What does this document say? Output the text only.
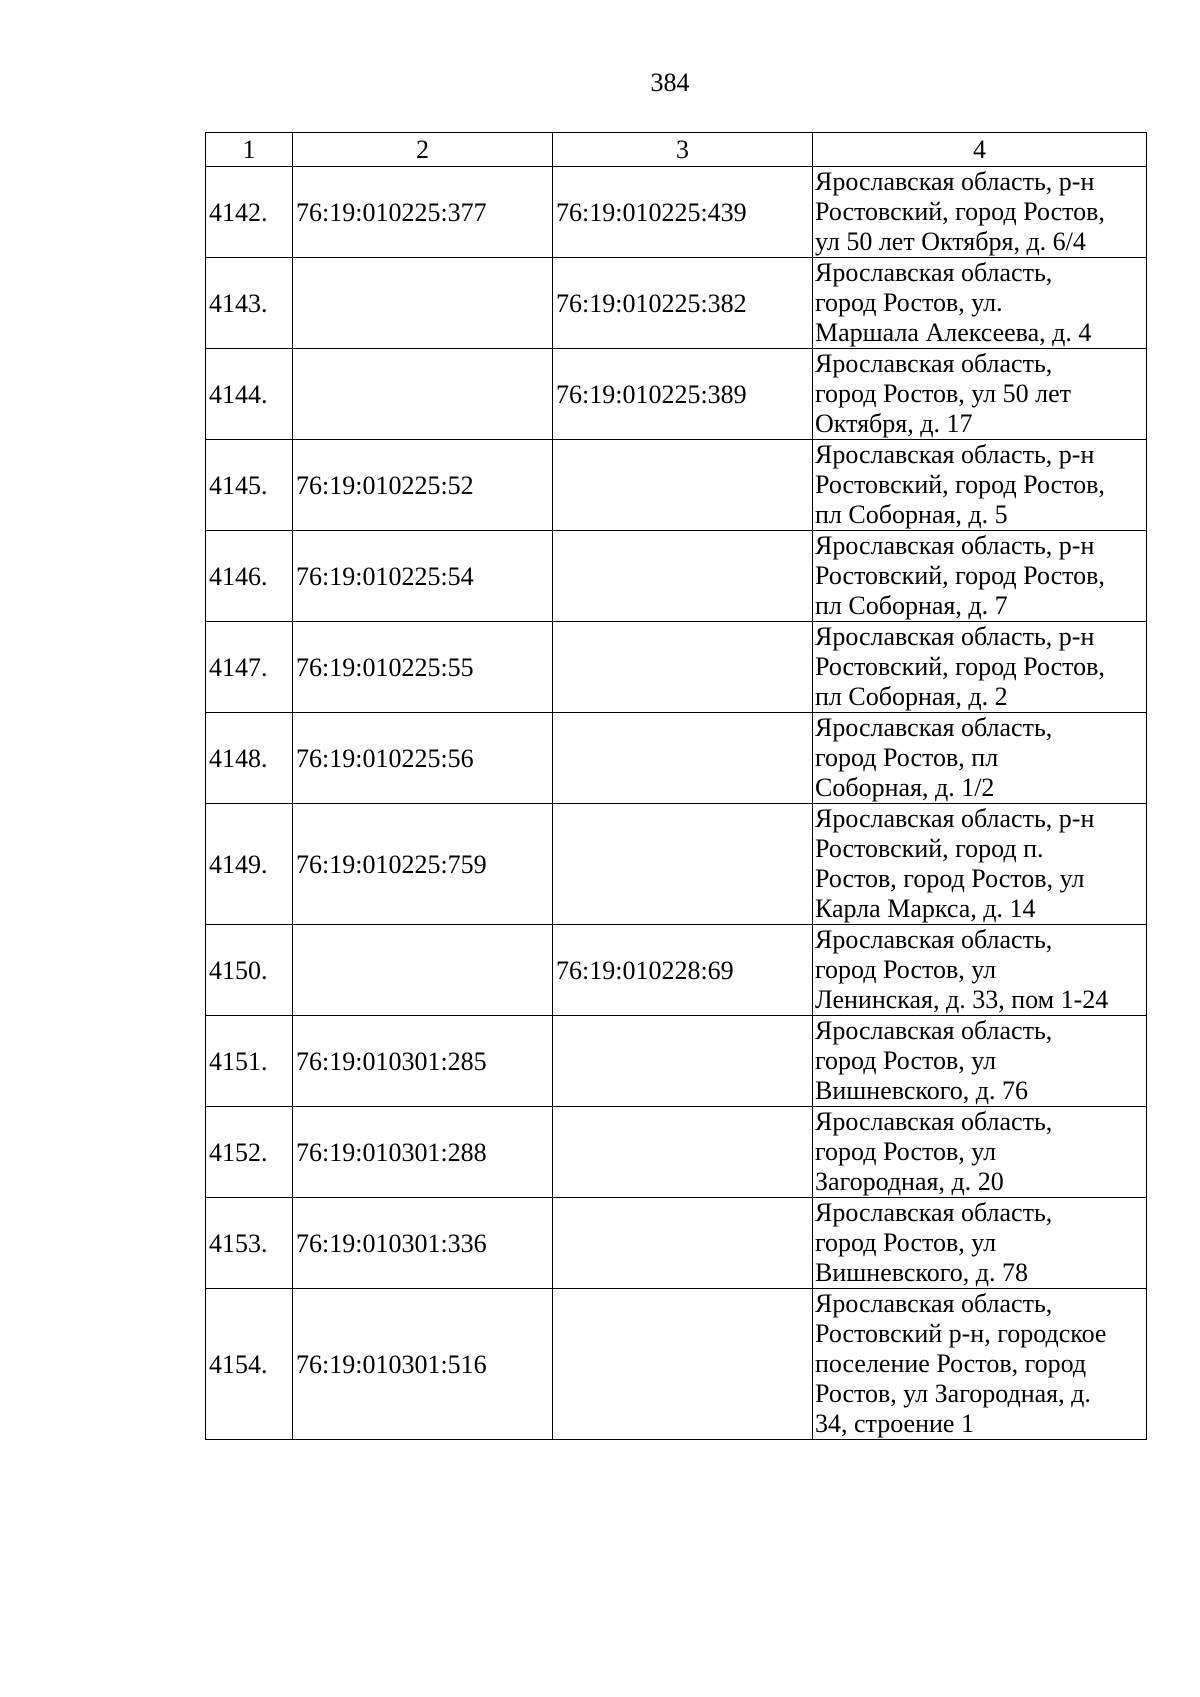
384
1	2	3	4
4142.	76:19:010225:377	76:19:010225:439	Ярославская область, р-н
Ростовский, город Ростов,
ул 50 лет Октября, д. 6/4

4143.		76:19:010225:382	Ярославская область,
город Ростов, ул.
Маршала Алексеева, д. 4

4144.		76:19:010225:389	Ярославская область,
город Ростов, ул 50 лет
Октября, д. 17

4145.	76:19:010225:52		Ярославская область, р-н
Ростовский, город Ростов,
пл Соборная, д. 5

4146.	76:19:010225:54		Ярославская область, р-н
Ростовский, город Ростов,
пл Соборная, д. 7

4147.	76:19:010225:55		Ярославская область, р-н
Ростовский, город Ростов,
пл Соборная, д. 2

4148.	76:19:010225:56		Ярославская область,
город Ростов, пл
Соборная, д. 1/2

4149.	76:19:010225:759		Ярославская область, р-н
Ростовский, город п.
Ростов, город Ростов, ул
Карла Маркса, д. 14

4150.		76:19:010228:69	Ярославская область,
город Ростов, ул
Ленинская, д. 33, пом 1-24

4151.	76:19:010301:285		Ярославская область,
город Ростов, ул
Вишневского, д. 76

4152.	76:19:010301:288		Ярославская область,
город Ростов, ул
Загородная, д. 20

4153.	76:19:010301:336		Ярославская область,
город Ростов, ул
Вишневского, д. 78

4154.	76:19:010301:516		Ярославская область,
Ростовский р-н, городское
поселение Ростов, город
Ростов, ул Загородная, д.
34, строение 1
